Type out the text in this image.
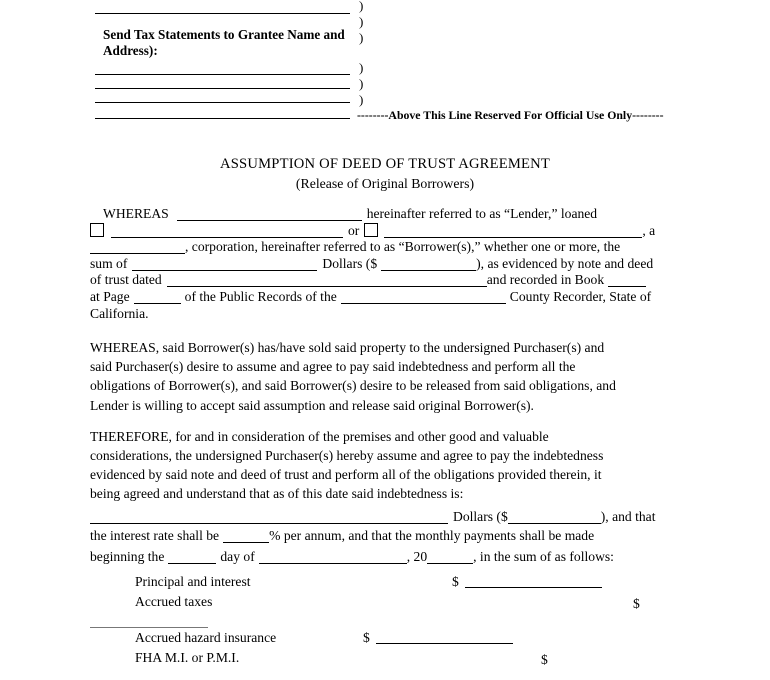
)
)
)
)
)
)
Send Tax Statements to Grantee Name and
Address):
--------Above This Line Reserved For Official Use Only--------
ASSUMPTION OF DEED OF TRUST AGREEMENT
(Release of Original Borrowers)
WHEREAS	hereinafter referred to as “Lender,” loaned
or	, a
, corporation, hereinafter referred to as “Borrower(s),” whether one or more, the
sum of	Dollars ($	), as evidenced by note and deed
of trust dated	and recorded in Book
at Page	of the Public Records of the	County Recorder, State of
California.
WHEREAS, said Borrower(s) has/have sold said property to the undersigned Purchaser(s) and
said Purchaser(s) desire to assume and agree to pay said indebtedness and perform all the
obligations of Borrower(s), and said Borrower(s) desire to be released from said obligations, and
Lender is willing to accept said assumption and release said original Borrower(s).
THEREFORE, for and in consideration of the premises and other good and valuable
considerations, the undersigned Purchaser(s) hereby assume and agree to pay the indebtedness
evidenced by said note and deed of trust and perform all of the obligations provided therein, it
being agreed and understand that as of this date said indebtedness is:
Dollars ($	), and that
the interest rate shall be	% per annum, and that the monthly payments shall be made
beginning the	day of	, 20	, in the sum of as follows:
Principal and interest	$
Accrued taxes	$
Accrued hazard insurance	$
FHA M.I. or P.M.I.	$
